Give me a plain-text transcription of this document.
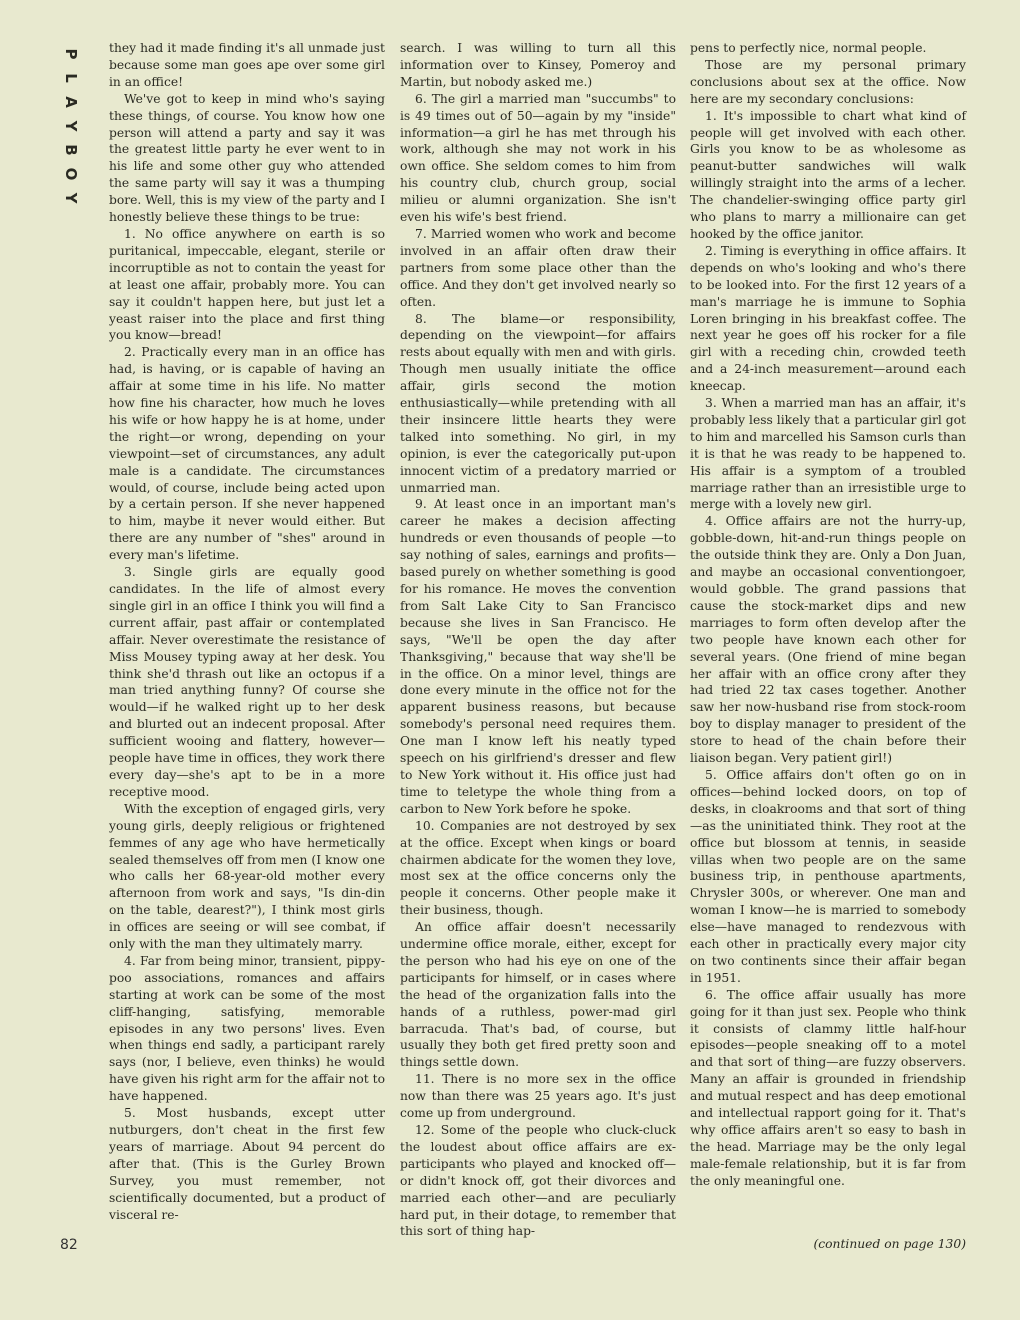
P
L
A
Y
B
O
Y

they had it made finding it's all unmade just because some man goes ape over some girl in an office!

We've got to keep in mind who's saying these things, of course. You know how one person will attend a party and say it was the greatest little party he ever went to in his life and some other guy who attended the same party will say it was a thumping bore. Well, this is my view of the party and I honestly believe these things to be true:

1. No office anywhere on earth is so puritanical, impeccable, elegant, sterile or incorruptible as not to contain the yeast for at least one affair, probably more. You can say it couldn't happen here, but just let a yeast raiser into the place and first thing you know—bread!

2. Practically every man in an office has had, is having, or is capable of having an affair at some time in his life. No matter how fine his character, how much he loves his wife or how happy he is at home, under the right—or wrong, depending on your viewpoint—set of circumstances, any adult male is a candidate. The circumstances would, of course, include being acted upon by a certain person. If she never happened to him, maybe it never would either. But there are any number of "shes" around in every man's lifetime.

3. Single girls are equally good candidates. In the life of almost every single girl in an office I think you will find a current affair, past affair or contemplated affair. Never overestimate the resistance of Miss Mousey typing away at her desk. You think she'd thrash out like an octopus if a man tried anything funny? Of course she would—if he walked right up to her desk and blurted out an indecent proposal. After sufficient wooing and flattery, however—people have time in offices, they work there every day—she's apt to be in a more receptive mood.

With the exception of engaged girls, very young girls, deeply religious or frightened femmes of any age who have hermetically sealed themselves off from men (I know one who calls her 68-year-old mother every afternoon from work and says, "Is din-din on the table, dearest?"), I think most girls in offices are seeing or will see combat, if only with the man they ultimately marry.

4. Far from being minor, transient, pippy-poo associations, romances and affairs starting at work can be some of the most cliff-hanging, satisfying, memorable episodes in any two persons' lives. Even when things end sadly, a participant rarely says (nor, I believe, even thinks) he would have given his right arm for the affair not to have happened.

5. Most husbands, except utter nutburgers, don't cheat in the first few years of marriage. About 94 percent do after that. (This is the Gurley Brown Survey, you must remember, not scientifically documented, but a product of visceral re-

search. I was willing to turn all this information over to Kinsey, Pomeroy and Martin, but nobody asked me.)

6. The girl a married man "succumbs" to is 49 times out of 50—again by my "inside" information—a girl he has met through his work, although she may not work in his own office. She seldom comes to him from his country club, church group, social milieu or alumni organization. She isn't even his wife's best friend.

7. Married women who work and become involved in an affair often draw their partners from some place other than the office. And they don't get involved nearly so often.

8. The blame—or responsibility, depending on the viewpoint—for affairs rests about equally with men and with girls. Though men usually initiate the office affair, girls second the motion enthusiastically—while pretending with all their insincere little hearts they were talked into something. No girl, in my opinion, is ever the categorically put-upon innocent victim of a predatory married or unmarried man.

9. At least once in an important man's career he makes a decision affecting hundreds or even thousands of people —to say nothing of sales, earnings and profits—based purely on whether something is good for his romance. He moves the convention from Salt Lake City to San Francisco because she lives in San Francisco. He says, "We'll be open the day after Thanksgiving," because that way she'll be in the office. On a minor level, things are done every minute in the office not for the apparent business reasons, but because somebody's personal need requires them. One man I know left his neatly typed speech on his girlfriend's dresser and flew to New York without it. His office just had time to teletype the whole thing from a carbon to New York before he spoke.

10. Companies are not destroyed by sex at the office. Except when kings or board chairmen abdicate for the women they love, most sex at the office concerns only the people it concerns. Other people make it their business, though.

An office affair doesn't necessarily undermine office morale, either, except for the person who had his eye on one of the participants for himself, or in cases where the head of the organization falls into the hands of a ruthless, power-mad girl barracuda. That's bad, of course, but usually they both get fired pretty soon and things settle down.

11. There is no more sex in the office now than there was 25 years ago. It's just come up from underground.

12. Some of the people who cluck-cluck the loudest about office affairs are ex-participants who played and knocked off—or didn't knock off, got their divorces and married each other—and are peculiarly hard put, in their dotage, to remember that this sort of thing hap-

pens to perfectly nice, normal people.

Those are my personal primary conclusions about sex at the office. Now here are my secondary conclusions:

1. It's impossible to chart what kind of people will get involved with each other. Girls you know to be as wholesome as peanut-butter sandwiches will walk willingly straight into the arms of a lecher. The chandelier-swinging office party girl who plans to marry a millionaire can get hooked by the office janitor.

2. Timing is everything in office affairs. It depends on who's looking and who's there to be looked into. For the first 12 years of a man's marriage he is immune to Sophia Loren bringing in his breakfast coffee. The next year he goes off his rocker for a file girl with a receding chin, crowded teeth and a 24-inch measurement—around each kneecap.

3. When a married man has an affair, it's probably less likely that a particular girl got to him and marcelled his Samson curls than it is that he was ready to be happened to. His affair is a symptom of a troubled marriage rather than an irresistible urge to merge with a lovely new girl.

4. Office affairs are not the hurry-up, gobble-down, hit-and-run things people on the outside think they are. Only a Don Juan, and maybe an occasional conventiongoer, would gobble. The grand passions that cause the stock-market dips and new marriages to form often develop after the two people have known each other for several years. (One friend of mine began her affair with an office crony after they had tried 22 tax cases together. Another saw her now-husband rise from stock-room boy to display manager to president of the store to head of the chain before their liaison began. Very patient girl!)

5. Office affairs don't often go on in offices—behind locked doors, on top of desks, in cloakrooms and that sort of thing—as the uninitiated think. They root at the office but blossom at tennis, in seaside villas when two people are on the same business trip, in penthouse apartments, Chrysler 300s, or wherever. One man and woman I know—he is married to somebody else—have managed to rendezvous with each other in practically every major city on two continents since their affair began in 1951.

6. The office affair usually has more going for it than just sex. People who think it consists of clammy little half-hour episodes—people sneaking off to a motel and that sort of thing—are fuzzy observers. Many an affair is grounded in friendship and mutual respect and has deep emotional and intellectual rapport going for it. That's why office affairs aren't so easy to bash in the head. Marriage may be the only legal male-female relationship, but it is far from the only meaningful one.

(continued on page 130)
82
